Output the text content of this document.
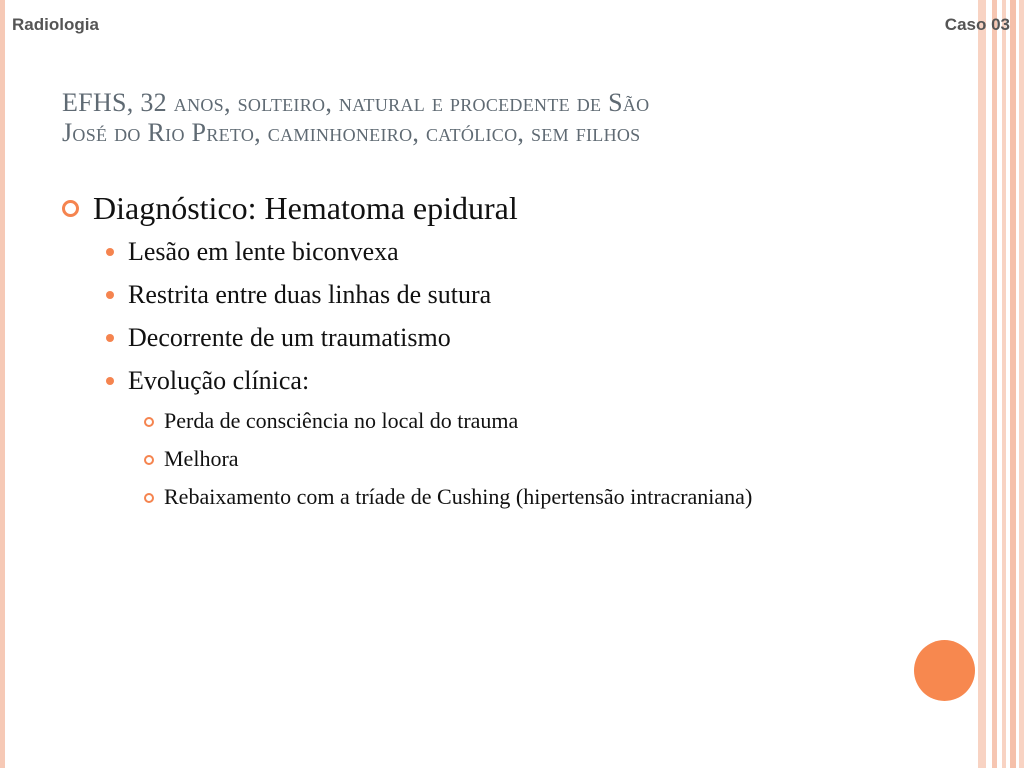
Radiologia	Caso 03
EFHS, 32 anos, solteiro, natural e procedente de São
José do Rio Preto, caminhoneiro, católico, sem filhos
Diagnóstico: Hematoma epidural
Lesão em lente biconvexa
Restrita entre duas linhas de sutura
Decorrente de um traumatismo
Evolução clínica:
Perda de consciência no local do trauma
Melhora
Rebaixamento com a tríade de Cushing (hipertensão intracraniana)
